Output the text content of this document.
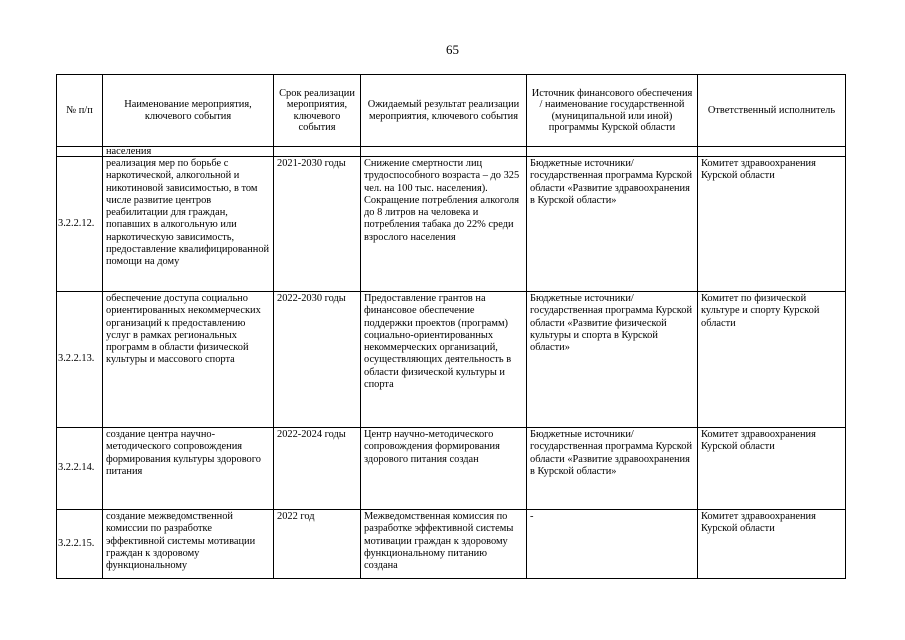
65
№ п/п	Наименование мероприятия, ключевого события	Срок реализации мероприятия, ключевого события	Ожидаемый результат реализации мероприятия, ключевого события	Источник финансового обеспечения / наименование государственной (муниципальной или иной) программы Курской области	Ответственный исполнитель
	населения				
3.2.2.12.	реализация мер по борьбе с наркотической, алкогольной и никотиновой зависимостью, в том числе развитие центров реабилитации для граждан, попавших в алкогольную или наркотическую зависимость, предоставление квалифицированной помощи на дому	2021-2030 годы	Снижение смертности лиц трудоспособного возраста – до 325 чел. на 100 тыс. населения). Сокращение потребления алкоголя до 8 литров на человека и потребления табака до 22% среди взрослого населения	Бюджетные источники/ государственная программа Курской области «Развитие здравоохранения в Курской области»	Комитет здравоохранения Курской области
3.2.2.13.	обеспечение доступа социально ориентированных некоммерческих организаций к предоставлению услуг в рамках региональных программ в области физической культуры и массового спорта	2022-2030 годы	Предоставление грантов на финансовое обеспечение поддержки проектов (программ) социально-ориентированных некоммерческих организаций, осуществляющих деятельность в области физической культуры и спорта	Бюджетные источники/ государственная программа Курской области «Развитие физической культуры и спорта в Курской области»	Комитет по физической культуре и спорту Курской области
3.2.2.14.	создание центра научно-методического сопровождения формирования культуры здорового питания	2022-2024 годы	Центр научно-методического сопровождения формирования здорового питания создан	Бюджетные источники/ государственная программа Курской области «Развитие здравоохранения в Курской области»	Комитет здравоохранения Курской области
3.2.2.15.	создание межведомственной комиссии по разработке эффективной системы мотивации граждан к здоровому функциональному	2022 год	Межведомственная комиссия по разработке эффективной системы мотивации граждан к здоровому функциональному питанию создана	-	Комитет здравоохранения Курской области
